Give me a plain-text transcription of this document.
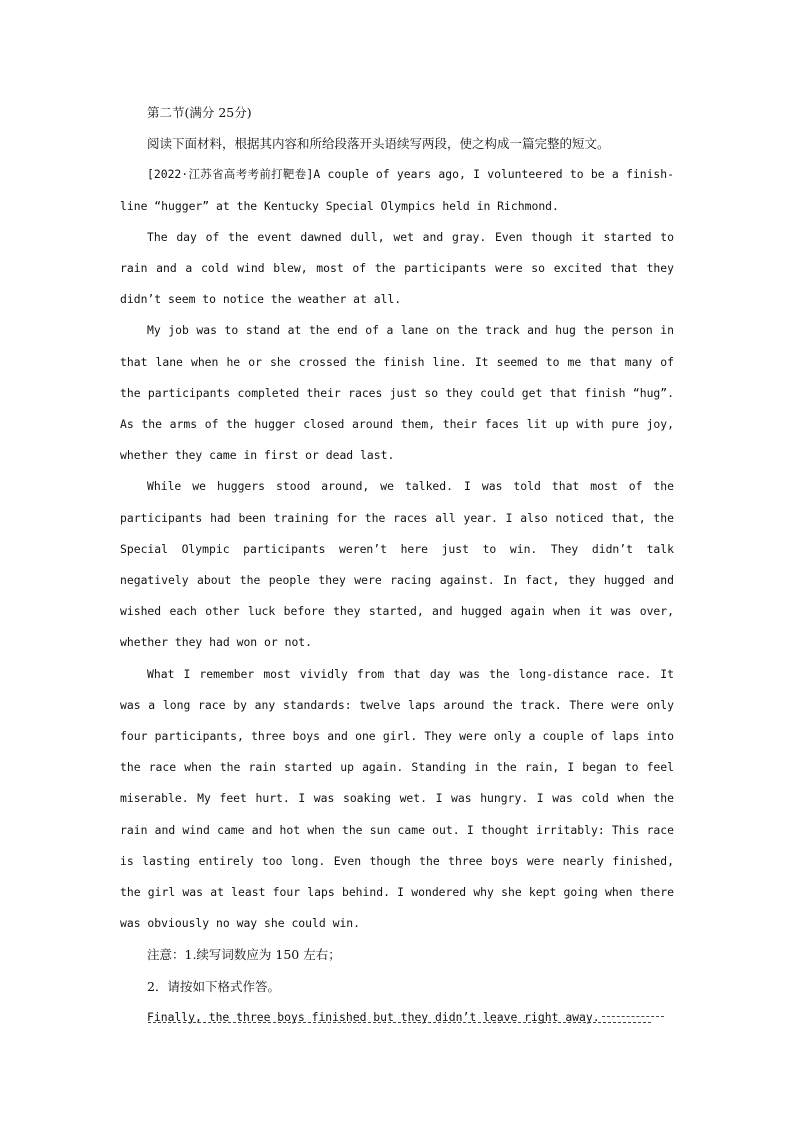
第二节(满分 25分)

阅读下面材料，根据其内容和所给段落开头语续写两段，使之构成一篇完整的短文。

[2022·江苏省高考考前打靶卷]A couple of years ago, I volunteered to be a finish-line “hugger” at the Kentucky Special Olympics held in Richmond.

The day of the event dawned dull, wet and gray. Even though it started to rain and a cold wind blew, most of the participants were so excited that they didn’t seem to notice the weather at all.

My job was to stand at the end of a lane on the track and hug the person in that lane when he or she crossed the finish line. It seemed to me that many of the participants completed their races just so they could get that finish “hug”. As the arms of the hugger closed around them, their faces lit up with pure joy, whether they came in first or dead last.

While we huggers stood around, we talked. I was told that most of the participants had been training for the races all year. I also noticed that, the Special Olympic participants weren’t here just to win. They didn’t talk negatively about the people they were racing against. In fact, they hugged and wished each other luck before they started, and hugged again when it was over, whether they had won or not.

What I remember most vividly from that day was the long-distance race. It was a long race by any standards: twelve laps around the track. There were only four participants, three boys and one girl. They were only a couple of laps into the race when the rain started up again. Standing in the rain, I began to feel miserable. My feet hurt. I was soaking wet. I was hungry. I was cold when the rain and wind came and hot when the sun came out. I thought irritably: This race is lasting entirely too long. Even though the three boys were nearly finished, the girl was at least four laps behind. I wondered why she kept going when there was obviously no way she could win.

注意：1.续写词数应为 150 左右；

2．请按如下格式作答。

Finally, the three boys finished but they didn’t leave right away.
